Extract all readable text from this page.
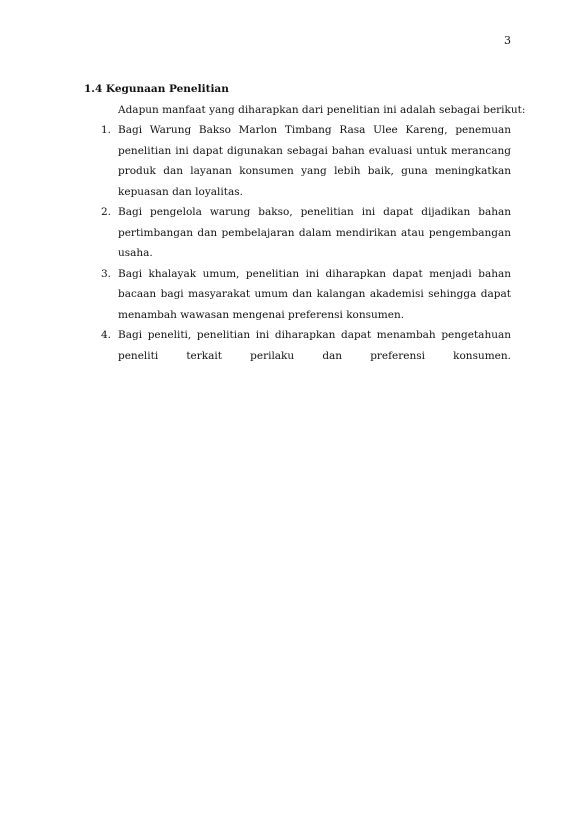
3
1.4 Kegunaan Penelitian

Adapun manfaat yang diharapkan dari penelitian ini adalah sebagai berikut:

1. Bagi Warung Bakso Marlon Timbang Rasa Ulee Kareng, penemuan penelitian ini dapat digunakan sebagai bahan evaluasi untuk merancang produk dan layanan konsumen yang lebih baik, guna meningkatkan kepuasan dan loyalitas.
2. Bagi pengelola warung bakso, penelitian ini dapat dijadikan bahan pertimbangan dan pembelajaran dalam mendirikan atau pengembangan usaha.
3. Bagi khalayak umum, penelitian ini diharapkan dapat menjadi bahan bacaan bagi masyarakat umum dan kalangan akademisi sehingga dapat menambah wawasan mengenai preferensi konsumen.
4. Bagi peneliti, penelitian ini diharapkan dapat menambah pengetahuan peneliti terkait perilaku dan preferensi konsumen.
